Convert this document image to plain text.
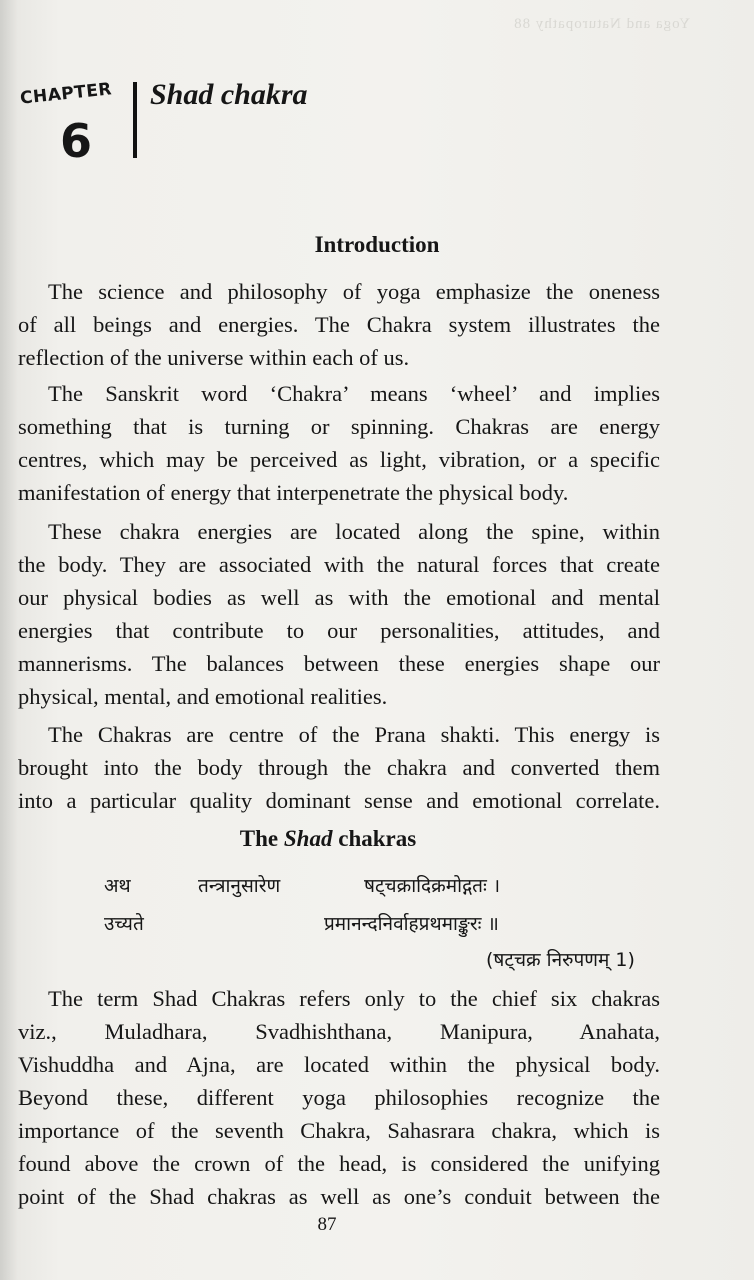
Yoga and Naturopathy 88
CHAPTER
6
Shad chakra
Introduction
The science and philosophy of yoga emphasize the oneness
of all beings and energies. The Chakra system illustrates the
reflection of the universe within each of us.
The Sanskrit word ‘Chakra’ means ‘wheel’ and implies
something that is turning or spinning. Chakras are energy
centres, which may be perceived as light, vibration, or a specific
manifestation of energy that interpenetrate the physical body.
These chakra energies are located along the spine, within
the body. They are associated with the natural forces that create
our physical bodies as well as with the emotional and mental
energies that contribute to our personalities, attitudes, and
mannerisms. The balances between these energies shape our
physical, mental, and emotional realities.
The Chakras are centre of the Prana shakti. This energy is
brought into the body through the chakra and converted them
into a particular quality dominant sense and emotional correlate.
The Shad chakras
अथ	तन्त्रानुसारेण	षट्चक्रादिक्रमोद्गतः ।
उच्यते	प्रमानन्दनिर्वाहप्रथमाङ्कुरः ॥
(षट्चक्र निरुपणम् 1)
The term Shad Chakras refers only to the chief six chakras
viz., Muladhara, Svadhishthana, Manipura, Anahata,
Vishuddha and Ajna, are located within the physical body.
Beyond these, different yoga philosophies recognize the
importance of the seventh Chakra, Sahasrara chakra, which is
found above the crown of the head, is considered the unifying
point of the Shad chakras as well as one’s conduit between the
87
